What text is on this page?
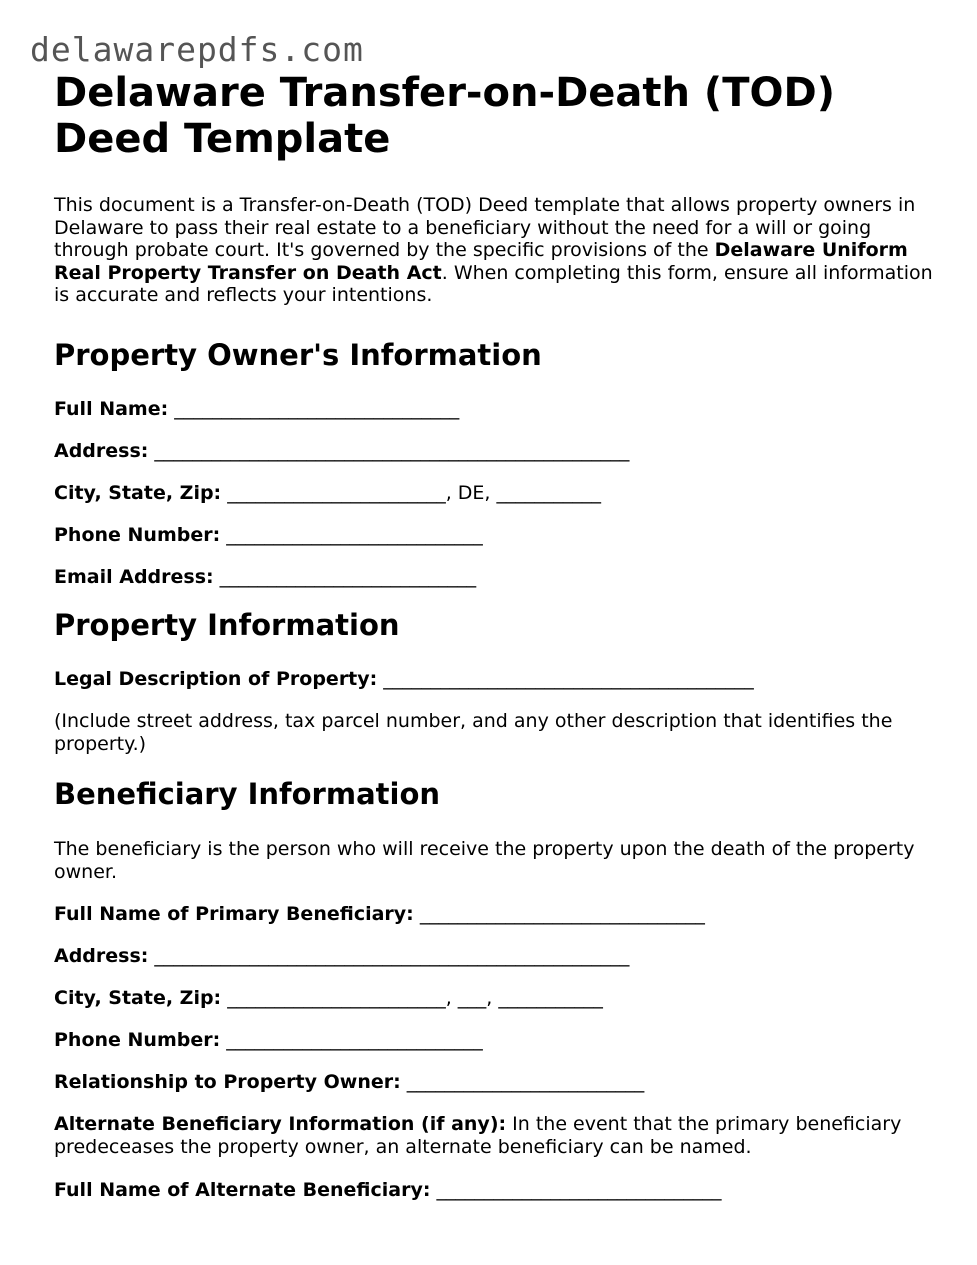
delawarepdfs.com
Delaware Transfer-on-Death (TOD)
Deed Template

This document is a Transfer-on-Death (TOD) Deed template that allows property owners in Delaware to pass their real estate to a beneficiary without the need for a will or going through probate court. It's governed by the specific provisions of the Delaware Uniform Real Property Transfer on Death Act. When completing this form, ensure all information is accurate and reflects your intentions.

Property Owner's Information

Full Name: ______________________________

Address: __________________________________________________

City, State, Zip: _______________________, DE, ___________

Phone Number: ___________________________

Email Address: ___________________________

Property Information

Legal Description of Property: _______________________________________

(Include street address, tax parcel number, and any other description that identifies the property.)

Beneficiary Information

The beneficiary is the person who will receive the property upon the death of the property owner.

Full Name of Primary Beneficiary: ______________________________

Address: __________________________________________________

City, State, Zip: _______________________, ___, ___________

Phone Number: ___________________________

Relationship to Property Owner: _________________________

Alternate Beneficiary Information (if any): In the event that the primary beneficiary predeceases the property owner, an alternate beneficiary can be named.

Full Name of Alternate Beneficiary: ______________________________
